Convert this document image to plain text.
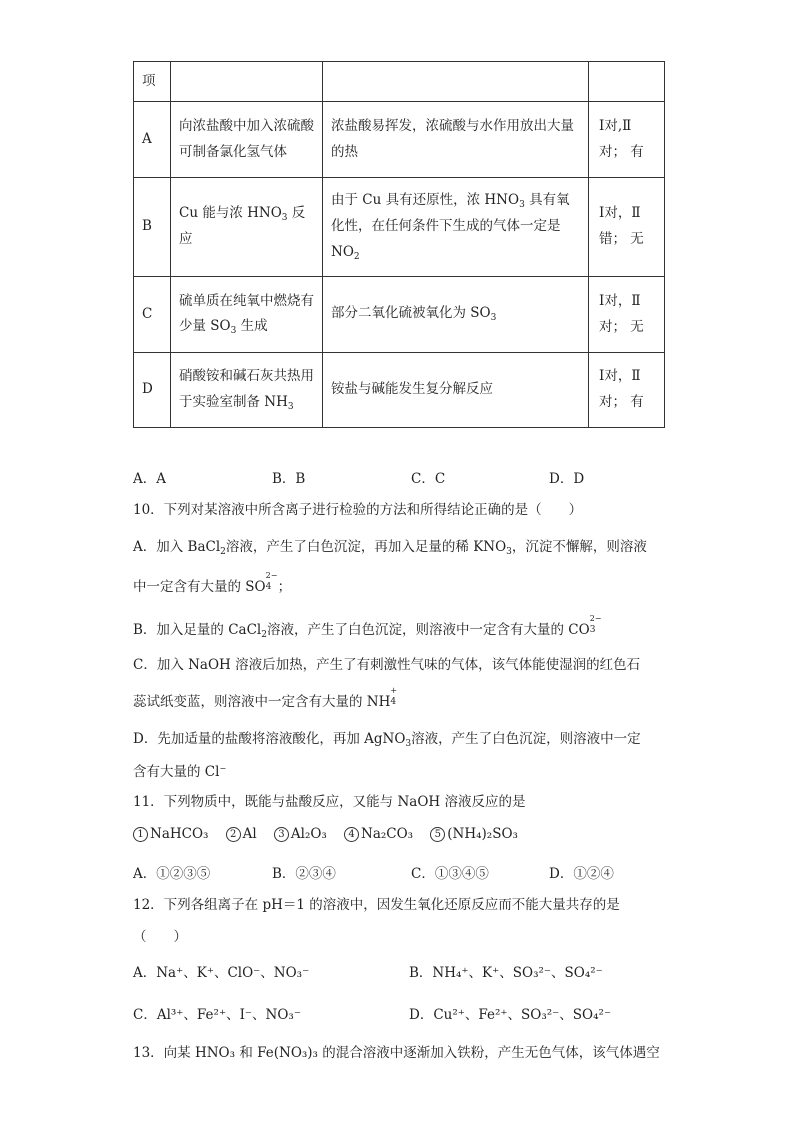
项			
A	向浓盐酸中加入浓硫酸可制备氯化氢气体	浓盐酸易挥发，浓硫酸与水作用放出大量的热	Ⅰ对,Ⅱ对； 有
B	Cu 能与浓 $HNO_3$ 反应	由于 Cu 具有还原性，浓 $HNO_3$ 具有氧化性，在任何条件下生成的气体一定是 $NO_2$	Ⅰ对，Ⅱ错； 无
C	硫单质在纯氧中燃烧有少量 $SO_3$ 生成	部分二氧化硫被氧化为 $SO_3$	Ⅰ对，Ⅱ对； 无
D	硝酸铵和碱石灰共热用于实验室制备 $NH_3$	铵盐与碱能发生复分解反应	Ⅰ对，Ⅱ对； 有
A．A	B．B	C．C	D．D
10．下列对某溶液中所含离子进行检验的方法和所得结论正确的是（　　）
A．加入 BaCl$_2$溶液，产生了白色沉淀，再加入足量的稀 $KNO_3$，沉淀不懈解，则溶液
中一定含有大量的 SO
2−
4 ；
B．加入足量的 CaCl$_2$溶液，产生了白色沉淀，则溶液中一定含有大量的 CO
2−
3
C．加入 NaOH 溶液后加热，产生了有刺激性气味的气体，该气体能使湿润的红色石
蕊试纸变蓝，则溶液中一定含有大量的 NH
+
4
D．先加适量的盐酸将溶液酸化，再加 AgNO$_3$溶液，产生了白色沉淀，则溶液中一定
含有大量的 Cl−
11．下列物质中，既能与盐酸反应，又能与 NaOH 溶液反应的是
1 NaHCO₃ 2 Al 3 Al₂O₃ 4 Na₂CO₃ 5 (NH₄)₂SO₃
A．①②③⑤	B．②③④	C．①③④⑤	D．①②④
12．下列各组离子在 pH＝1 的溶液中，因发生氧化还原反应而不能大量共存的是
（　　）
A．Na⁺、K⁺、ClO⁻、NO₃⁻	B．NH₄⁺、K⁺、SO₃²⁻、SO₄²⁻
C．Al³⁺、Fe²⁺、I⁻、NO₃⁻	D．Cu²⁺、Fe²⁺、SO₃²⁻、SO₄²⁻
13．向某 HNO₃ 和 Fe(NO₃)₃ 的混合溶液中逐渐加入铁粉，产生无色气体，该气体遇空
